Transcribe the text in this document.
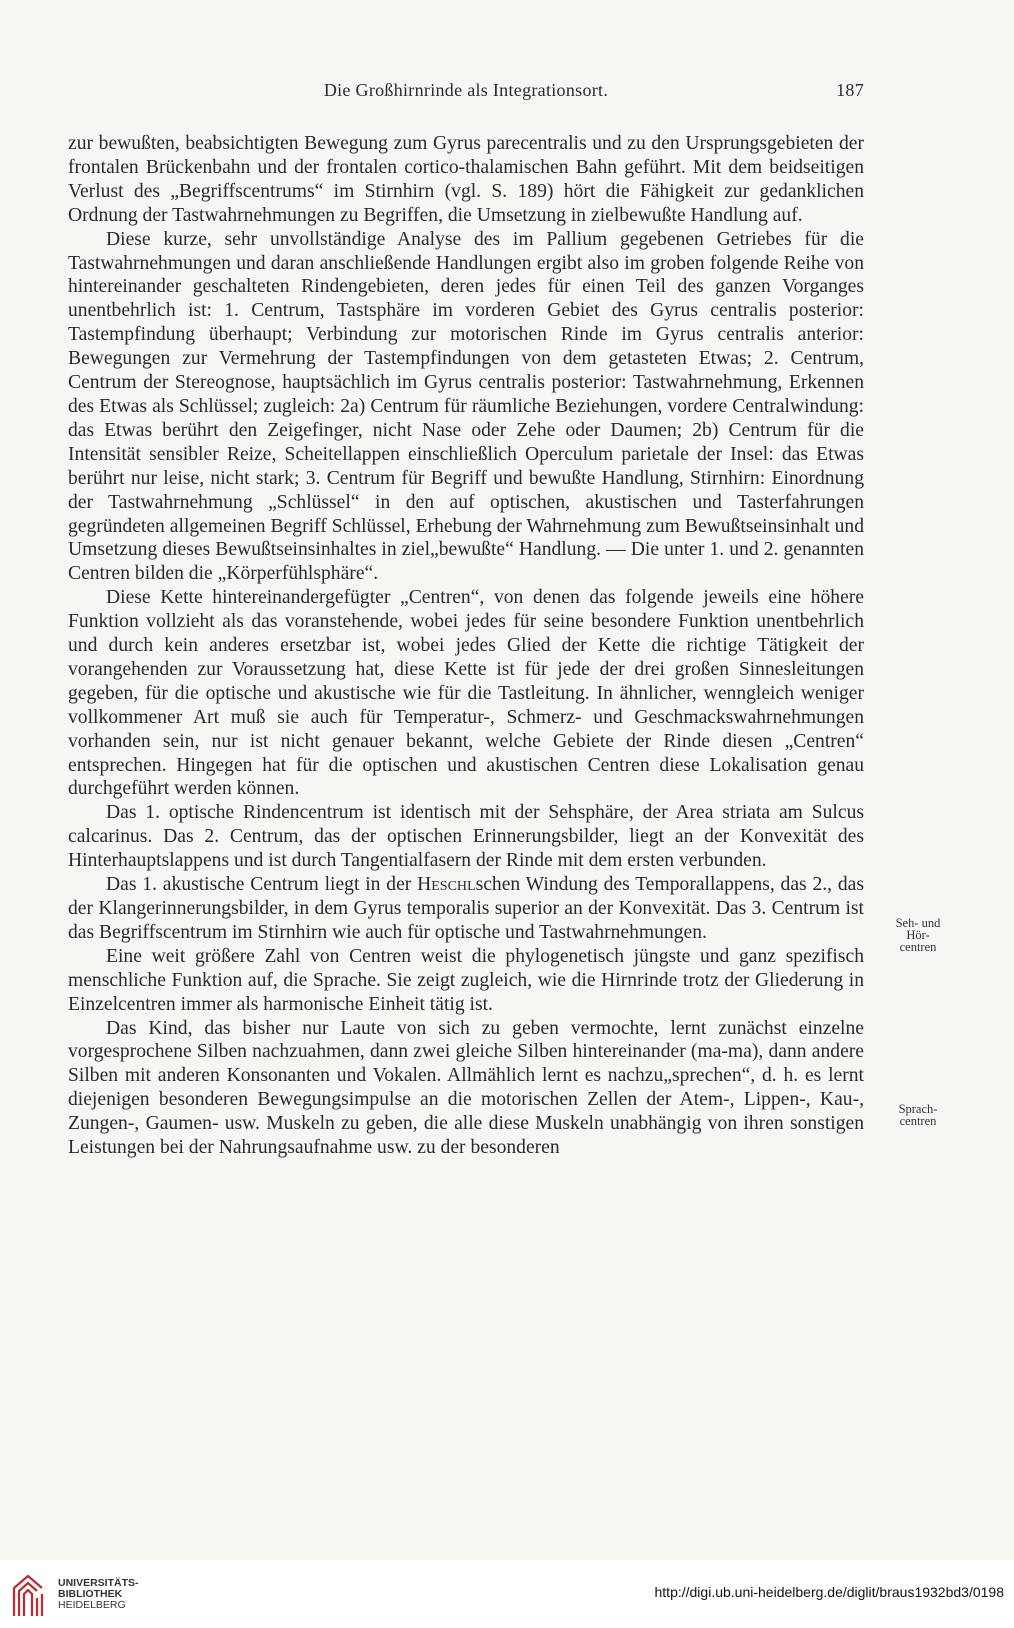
Die Großhirnrinde als Integrationsort.	187

zur bewußten, beabsichtigten Bewegung zum Gyrus parecentralis und zu den Ursprungsgebieten der frontalen Brückenbahn und der frontalen cortico-thalamischen Bahn geführt. Mit dem beidseitigen Verlust des „Begriffscentrums“ im Stirnhirn (vgl. S. 189) hört die Fähigkeit zur gedanklichen Ordnung der Tastwahrnehmungen zu Begriffen, die Umsetzung in zielbewußte Handlung auf.

Diese kurze, sehr unvollständige Analyse des im Pallium gegebenen Getriebes für die Tastwahrnehmungen und daran anschließende Handlungen ergibt also im groben folgende Reihe von hintereinander geschalteten Rindengebieten, deren jedes für einen Teil des ganzen Vorganges unentbehrlich ist: 1. Centrum, Tastsphäre im vorderen Gebiet des Gyrus centralis posterior: Tastempfindung überhaupt; Verbindung zur motorischen Rinde im Gyrus centralis anterior: Bewegungen zur Vermehrung der Tastempfindungen von dem getasteten Etwas; 2. Centrum, Centrum der Stereognose, hauptsächlich im Gyrus centralis posterior: Tastwahrnehmung, Erkennen des Etwas als Schlüssel; zugleich: 2a) Centrum für räumliche Beziehungen, vordere Centralwindung: das Etwas berührt den Zeigefinger, nicht Nase oder Zehe oder Daumen; 2b) Centrum für die Intensität sensibler Reize, Scheitellappen einschließlich Operculum parietale der Insel: das Etwas berührt nur leise, nicht stark; 3. Centrum für Begriff und bewußte Handlung, Stirnhirn: Einordnung der Tastwahrnehmung „Schlüssel“ in den auf optischen, akustischen und Tasterfahrungen gegründeten allgemeinen Begriff Schlüssel, Erhebung der Wahrnehmung zum Bewußtseinsinhalt und Umsetzung dieses Bewußtseinsinhaltes in ziel„bewußte“ Handlung. — Die unter 1. und 2. genannten Centren bilden die „Körperfühlsphäre“.

Diese Kette hintereinandergefügter „Centren“, von denen das folgende jeweils eine höhere Funktion vollzieht als das voranstehende, wobei jedes für seine besondere Funktion unentbehrlich und durch kein anderes ersetzbar ist, wobei jedes Glied der Kette die richtige Tätigkeit der vorangehenden zur Voraussetzung hat, diese Kette ist für jede der drei großen Sinnesleitungen gegeben, für die optische und akustische wie für die Tastleitung. In ähnlicher, wenngleich weniger vollkommener Art muß sie auch für Temperatur-, Schmerz- und Geschmackswahrnehmungen vorhanden sein, nur ist nicht genauer bekannt, welche Gebiete der Rinde diesen „Centren“ entsprechen. Hingegen hat für die optischen und akustischen Centren diese Lokalisation genau durchgeführt werden können.

Das 1. optische Rindencentrum ist identisch mit der Sehsphäre, der Area striata am Sulcus calcarinus. Das 2. Centrum, das der optischen Erinnerungsbilder, liegt an der Konvexität des Hinterhauptslappens und ist durch Tangentialfasern der Rinde mit dem ersten verbunden.

Das 1. akustische Centrum liegt in der Heschlschen Windung des Temporallappens, das 2., das der Klangerinnerungsbilder, in dem Gyrus temporalis superior an der Konvexität. Das 3. Centrum ist das Begriffscentrum im Stirnhirn wie auch für optische und Tastwahrnehmungen.

Eine weit größere Zahl von Centren weist die phylogenetisch jüngste und ganz spezifisch menschliche Funktion auf, die Sprache. Sie zeigt zugleich, wie die Hirnrinde trotz der Gliederung in Einzelcentren immer als harmonische Einheit tätig ist.

Das Kind, das bisher nur Laute von sich zu geben vermochte, lernt zunächst einzelne vorgesprochene Silben nachzuahmen, dann zwei gleiche Silben hintereinander (ma-ma), dann andere Silben mit anderen Konsonanten und Vokalen. Allmählich lernt es nachzu„sprechen“, d. h. es lernt diejenigen besonderen Bewegungsimpulse an die motorischen Zellen der Atem-, Lippen-, Kau-, Zungen-, Gaumen- usw. Muskeln zu geben, die alle diese Muskeln unabhängig von ihren sonstigen Leistungen bei der Nahrungsaufnahme usw. zu der besonderen

Seh- und
Hör-
centren
Sprach-
centren
UNIVERSITÄTS-
BIBLIOTHEK
HEIDELBERG
http://digi.ub.uni-heidelberg.de/diglit/braus1932bd3/0198
